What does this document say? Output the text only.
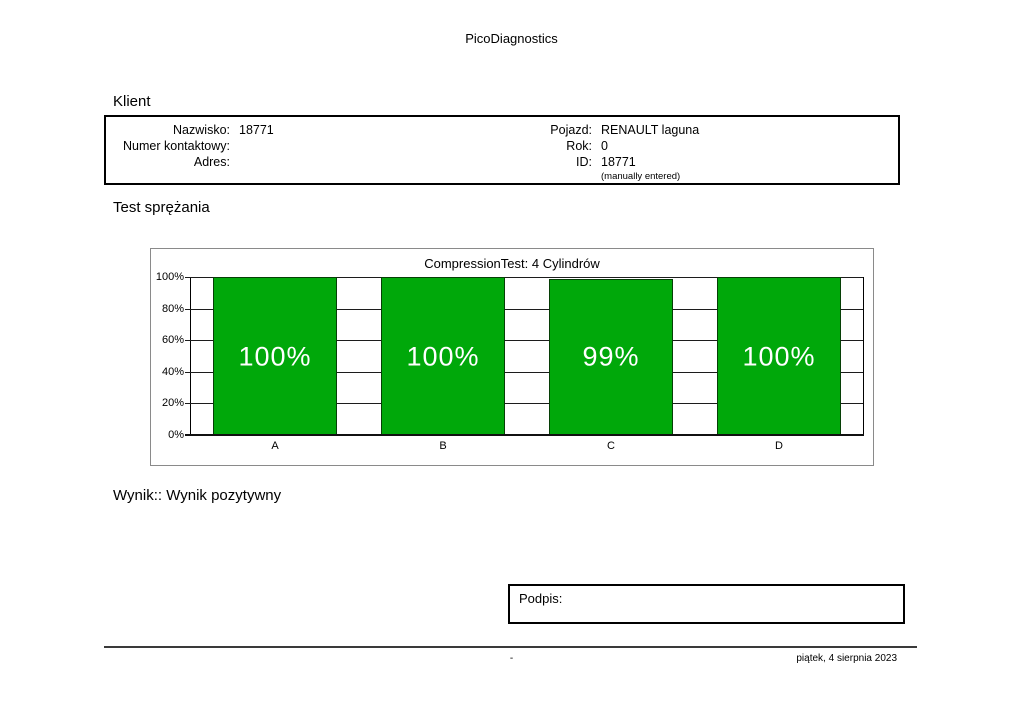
PicoDiagnostics
Klient
Nazwisko: 18771
Numer kontaktowy:
Adres:
Pojazd: RENAULT laguna
Rok: 0
ID: 18771
(manually entered)
Test sprężania
CompressionTest: 4 Cylindrów
0%
20%
40%
60%
80%
100%
100%	100%	99%	100%
A	B	C	D
Wynik:: Wynik pozytywny
Podpis:
-	piątek, 4 sierpnia 2023
